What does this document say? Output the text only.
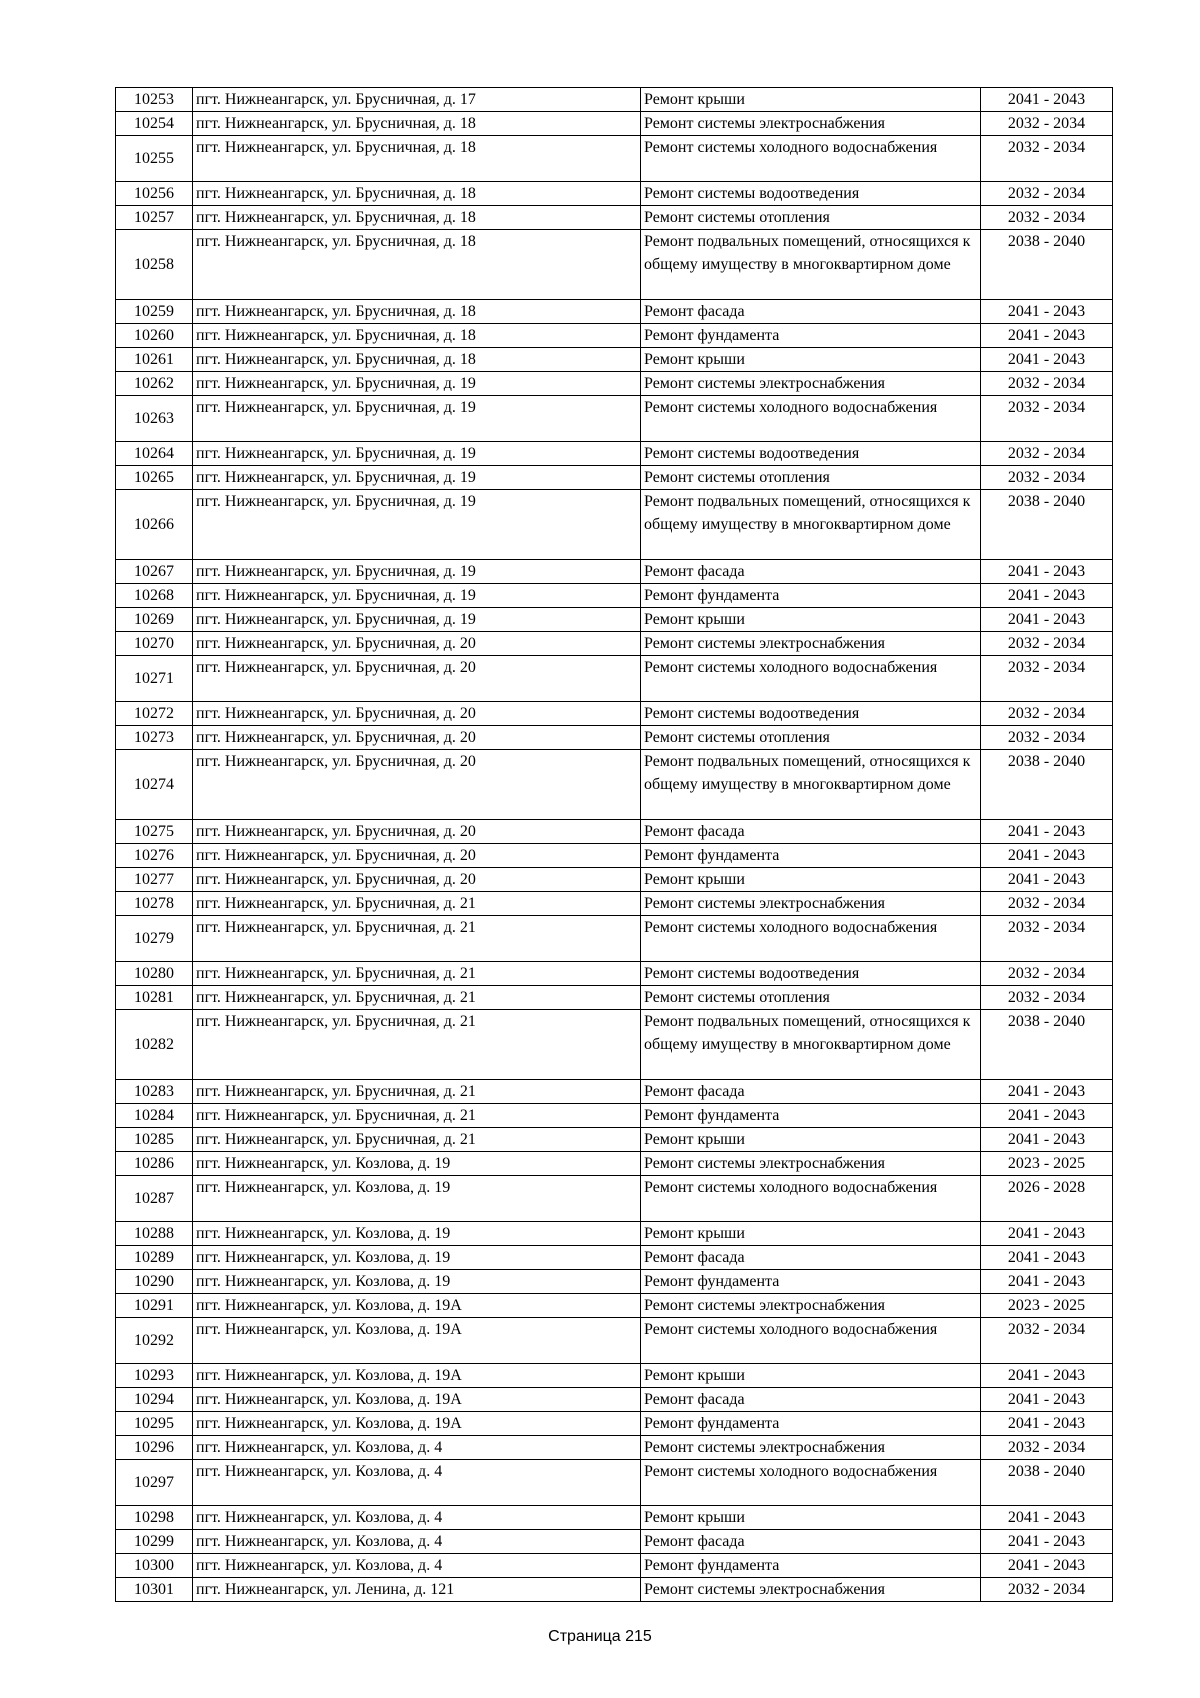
10253	пгт. Нижнеангарск, ул. Брусничная, д. 17	Ремонт крыши	2041 - 2043
10254	пгт. Нижнеангарск, ул. Брусничная, д. 18	Ремонт системы электроснабжения	2032 - 2034
10255	пгт. Нижнеангарск, ул. Брусничная, д. 18	Ремонт системы холодного водоснабжения	2032 - 2034
10256	пгт. Нижнеангарск, ул. Брусничная, д. 18	Ремонт системы водоотведения	2032 - 2034
10257	пгт. Нижнеангарск, ул. Брусничная, д. 18	Ремонт системы отопления	2032 - 2034
10258	пгт. Нижнеангарск, ул. Брусничная, д. 18	Ремонт подвальных помещений, относящихся к общему имуществу в многоквартирном доме	2038 - 2040
10259	пгт. Нижнеангарск, ул. Брусничная, д. 18	Ремонт фасада	2041 - 2043
10260	пгт. Нижнеангарск, ул. Брусничная, д. 18	Ремонт фундамента	2041 - 2043
10261	пгт. Нижнеангарск, ул. Брусничная, д. 18	Ремонт крыши	2041 - 2043
10262	пгт. Нижнеангарск, ул. Брусничная, д. 19	Ремонт системы электроснабжения	2032 - 2034
10263	пгт. Нижнеангарск, ул. Брусничная, д. 19	Ремонт системы холодного водоснабжения	2032 - 2034
10264	пгт. Нижнеангарск, ул. Брусничная, д. 19	Ремонт системы водоотведения	2032 - 2034
10265	пгт. Нижнеангарск, ул. Брусничная, д. 19	Ремонт системы отопления	2032 - 2034
10266	пгт. Нижнеангарск, ул. Брусничная, д. 19	Ремонт подвальных помещений, относящихся к общему имуществу в многоквартирном доме	2038 - 2040
10267	пгт. Нижнеангарск, ул. Брусничная, д. 19	Ремонт фасада	2041 - 2043
10268	пгт. Нижнеангарск, ул. Брусничная, д. 19	Ремонт фундамента	2041 - 2043
10269	пгт. Нижнеангарск, ул. Брусничная, д. 19	Ремонт крыши	2041 - 2043
10270	пгт. Нижнеангарск, ул. Брусничная, д. 20	Ремонт системы электроснабжения	2032 - 2034
10271	пгт. Нижнеангарск, ул. Брусничная, д. 20	Ремонт системы холодного водоснабжения	2032 - 2034
10272	пгт. Нижнеангарск, ул. Брусничная, д. 20	Ремонт системы водоотведения	2032 - 2034
10273	пгт. Нижнеангарск, ул. Брусничная, д. 20	Ремонт системы отопления	2032 - 2034
10274	пгт. Нижнеангарск, ул. Брусничная, д. 20	Ремонт подвальных помещений, относящихся к общему имуществу в многоквартирном доме	2038 - 2040
10275	пгт. Нижнеангарск, ул. Брусничная, д. 20	Ремонт фасада	2041 - 2043
10276	пгт. Нижнеангарск, ул. Брусничная, д. 20	Ремонт фундамента	2041 - 2043
10277	пгт. Нижнеангарск, ул. Брусничная, д. 20	Ремонт крыши	2041 - 2043
10278	пгт. Нижнеангарск, ул. Брусничная, д. 21	Ремонт системы электроснабжения	2032 - 2034
10279	пгт. Нижнеангарск, ул. Брусничная, д. 21	Ремонт системы холодного водоснабжения	2032 - 2034
10280	пгт. Нижнеангарск, ул. Брусничная, д. 21	Ремонт системы водоотведения	2032 - 2034
10281	пгт. Нижнеангарск, ул. Брусничная, д. 21	Ремонт системы отопления	2032 - 2034
10282	пгт. Нижнеангарск, ул. Брусничная, д. 21	Ремонт подвальных помещений, относящихся к общему имуществу в многоквартирном доме	2038 - 2040
10283	пгт. Нижнеангарск, ул. Брусничная, д. 21	Ремонт фасада	2041 - 2043
10284	пгт. Нижнеангарск, ул. Брусничная, д. 21	Ремонт фундамента	2041 - 2043
10285	пгт. Нижнеангарск, ул. Брусничная, д. 21	Ремонт крыши	2041 - 2043
10286	пгт. Нижнеангарск, ул. Козлова, д. 19	Ремонт системы электроснабжения	2023 - 2025
10287	пгт. Нижнеангарск, ул. Козлова, д. 19	Ремонт системы холодного водоснабжения	2026 - 2028
10288	пгт. Нижнеангарск, ул. Козлова, д. 19	Ремонт крыши	2041 - 2043
10289	пгт. Нижнеангарск, ул. Козлова, д. 19	Ремонт фасада	2041 - 2043
10290	пгт. Нижнеангарск, ул. Козлова, д. 19	Ремонт фундамента	2041 - 2043
10291	пгт. Нижнеангарск, ул. Козлова, д. 19А	Ремонт системы электроснабжения	2023 - 2025
10292	пгт. Нижнеангарск, ул. Козлова, д. 19А	Ремонт системы холодного водоснабжения	2032 - 2034
10293	пгт. Нижнеангарск, ул. Козлова, д. 19А	Ремонт крыши	2041 - 2043
10294	пгт. Нижнеангарск, ул. Козлова, д. 19А	Ремонт фасада	2041 - 2043
10295	пгт. Нижнеангарск, ул. Козлова, д. 19А	Ремонт фундамента	2041 - 2043
10296	пгт. Нижнеангарск, ул. Козлова, д. 4	Ремонт системы электроснабжения	2032 - 2034
10297	пгт. Нижнеангарск, ул. Козлова, д. 4	Ремонт системы холодного водоснабжения	2038 - 2040
10298	пгт. Нижнеангарск, ул. Козлова, д. 4	Ремонт крыши	2041 - 2043
10299	пгт. Нижнеангарск, ул. Козлова, д. 4	Ремонт фасада	2041 - 2043
10300	пгт. Нижнеангарск, ул. Козлова, д. 4	Ремонт фундамента	2041 - 2043
10301	пгт. Нижнеангарск, ул. Ленина, д. 121	Ремонт системы электроснабжения	2032 - 2034
Страница 215
